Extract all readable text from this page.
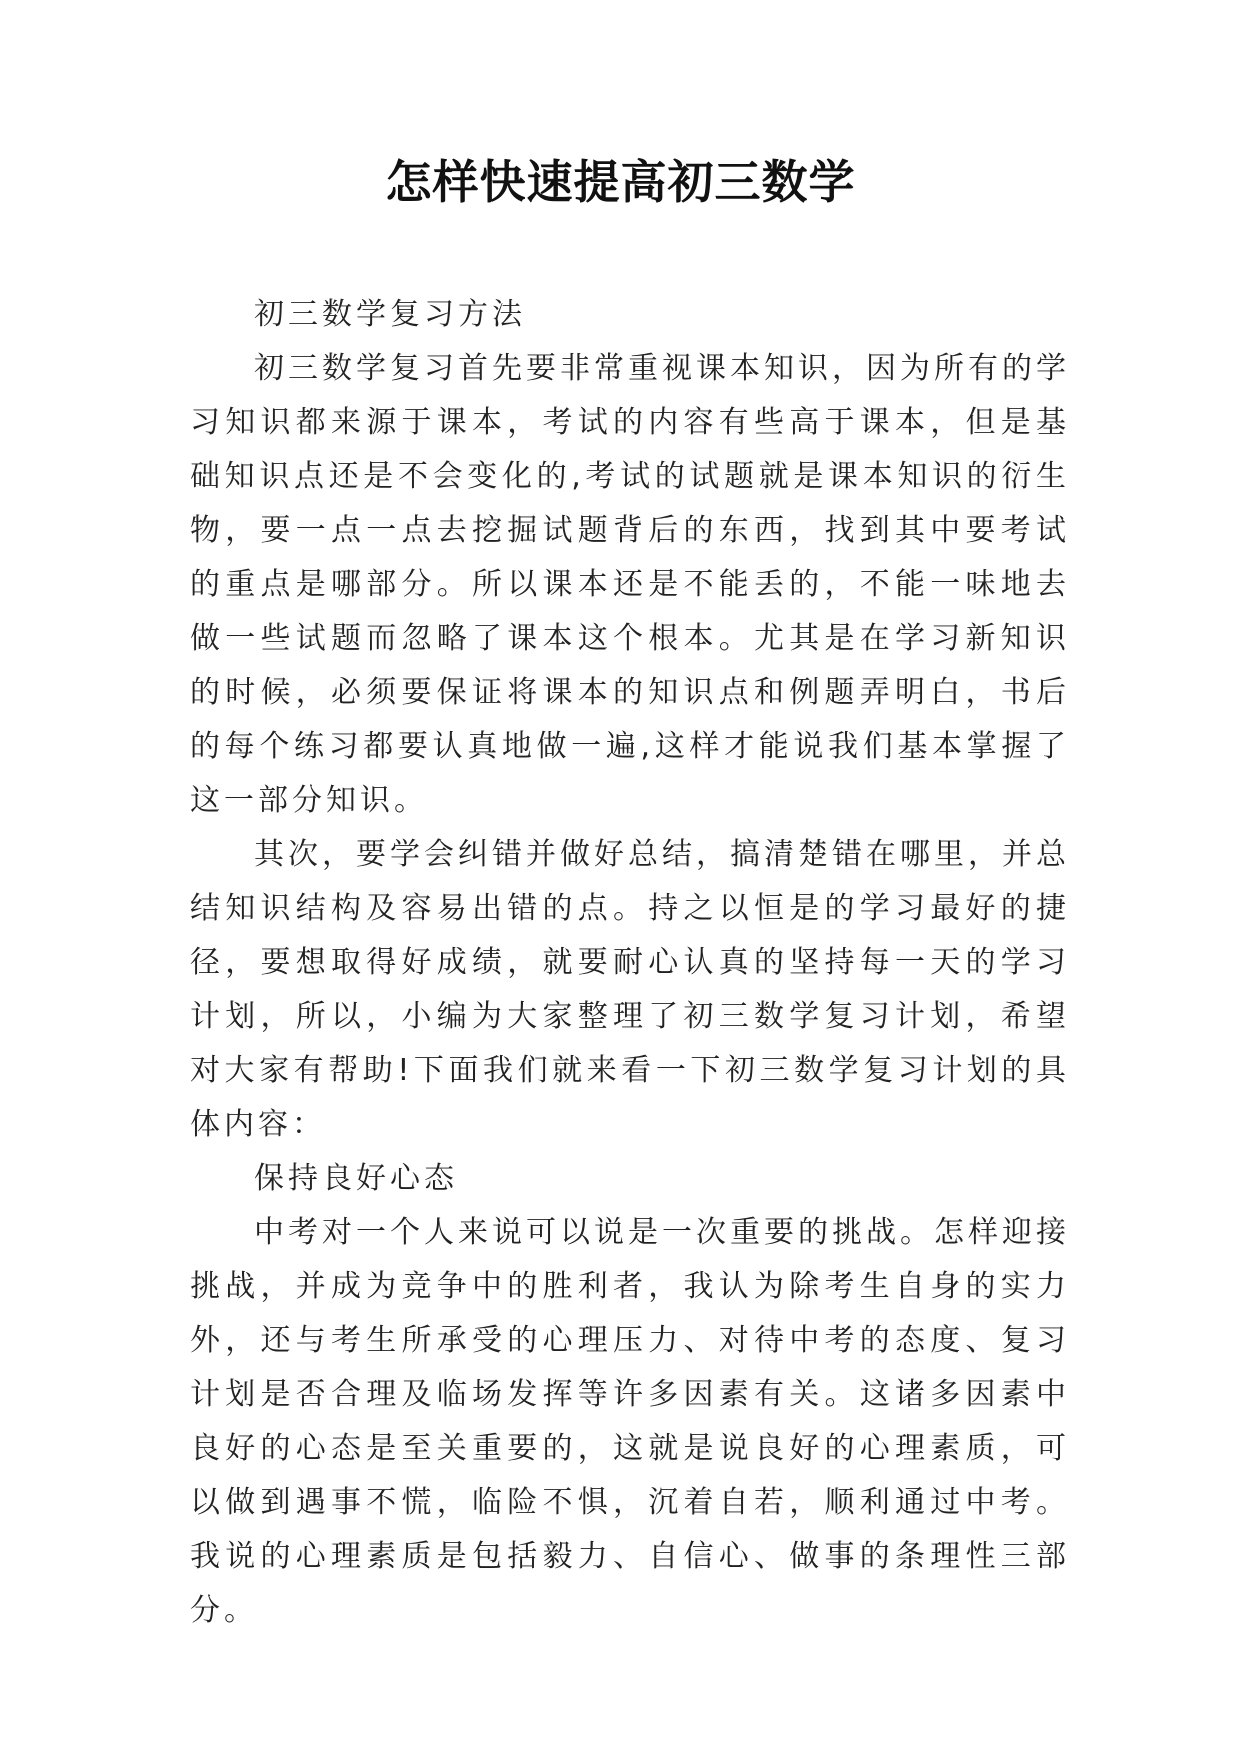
怎样快速提高初三数学

初三数学复习方法

初三数学复习首先要非常重视课本知识，因为所有的学习知识都来源于课本，考试的内容有些高于课本，但是基础知识点还是不会变化的,考试的试题就是课本知识的衍生物，要一点一点去挖掘试题背后的东西，找到其中要考试的重点是哪部分。所以课本还是不能丢的，不能一味地去做一些试题而忽略了课本这个根本。尤其是在学习新知识的时候，必须要保证将课本的知识点和例题弄明白，书后的每个练习都要认真地做一遍,这样才能说我们基本掌握了这一部分知识。

其次，要学会纠错并做好总结，搞清楚错在哪里，并总结知识结构及容易出错的点。持之以恒是的学习最好的捷径，要想取得好成绩，就要耐心认真的坚持每一天的学习计划，所以，小编为大家整理了初三数学复习计划，希望对大家有帮助!下面我们就来看一下初三数学复习计划的具体内容：

保持良好心态

中考对一个人来说可以说是一次重要的挑战。怎样迎接挑战，并成为竞争中的胜利者，我认为除考生自身的实力外，还与考生所承受的心理压力、对待中考的态度、复习计划是否合理及临场发挥等许多因素有关。这诸多因素中良好的心态是至关重要的，这就是说良好的心理素质，可以做到遇事不慌，临险不惧，沉着自若，顺利通过中考。我说的心理素质是包括毅力、自信心、做事的条理性三部分。
